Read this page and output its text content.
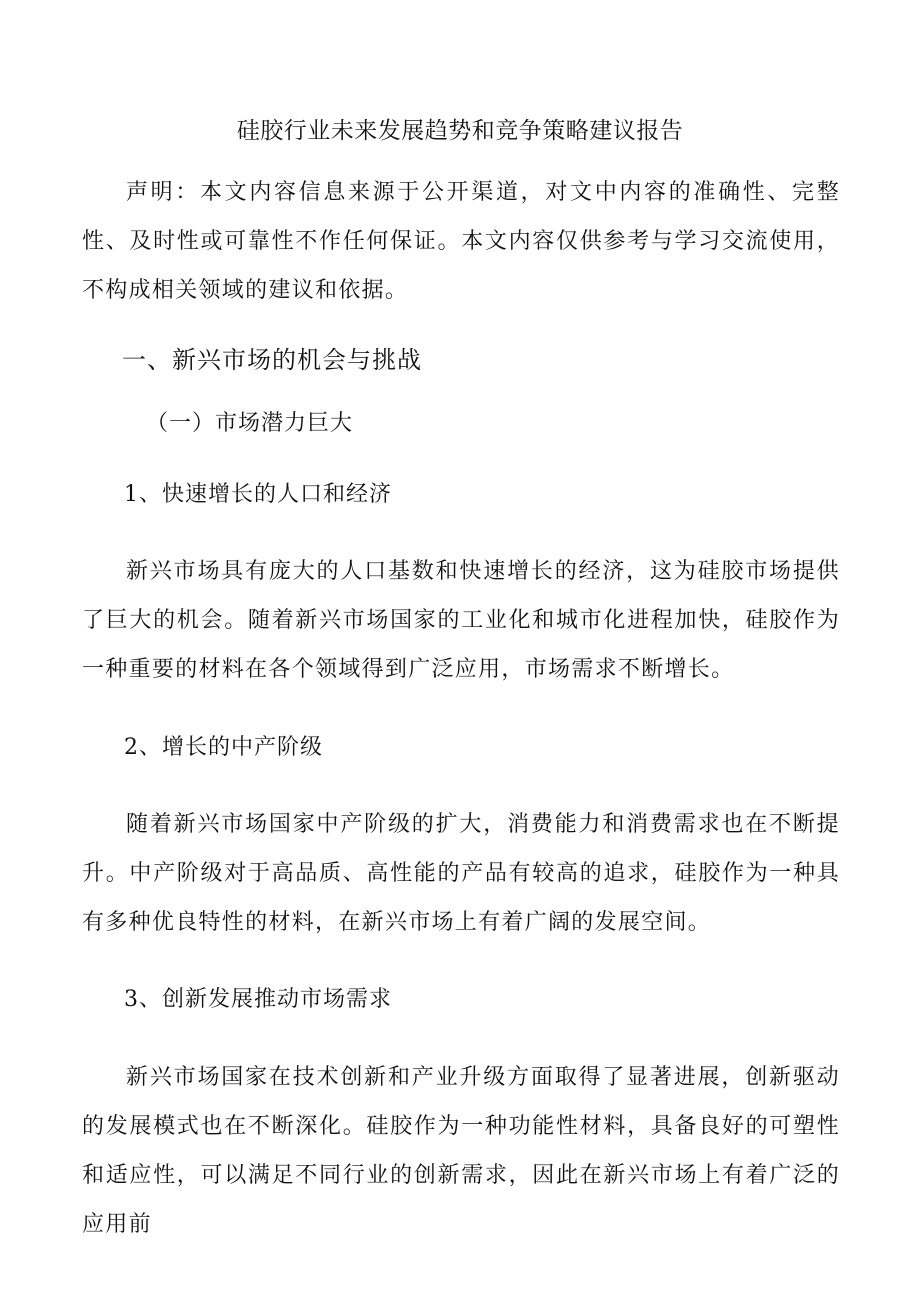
硅胶行业未来发展趋势和竞争策略建议报告

声明：本文内容信息来源于公开渠道，对文中内容的准确性、完整性、及时性或可靠性不作任何保证。本文内容仅供参考与学习交流使用，不构成相关领域的建议和依据。

一、新兴市场的机会与挑战

（一）市场潜力巨大

1、快速增长的人口和经济

新兴市场具有庞大的人口基数和快速增长的经济，这为硅胶市场提供了巨大的机会。随着新兴市场国家的工业化和城市化进程加快，硅胶作为一种重要的材料在各个领域得到广泛应用，市场需求不断增长。

2、增长的中产阶级

随着新兴市场国家中产阶级的扩大，消费能力和消费需求也在不断提升。中产阶级对于高品质、高性能的产品有较高的追求，硅胶作为一种具有多种优良特性的材料，在新兴市场上有着广阔的发展空间。

3、创新发展推动市场需求

新兴市场国家在技术创新和产业升级方面取得了显著进展，创新驱动的发展模式也在不断深化。硅胶作为一种功能性材料，具备良好的可塑性和适应性，可以满足不同行业的创新需求，因此在新兴市场上有着广泛的应用前
